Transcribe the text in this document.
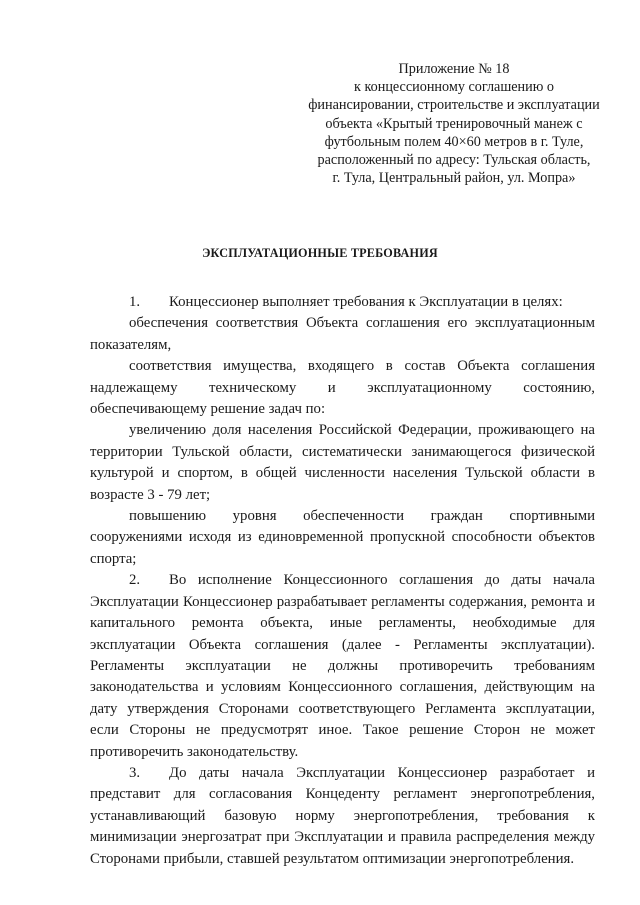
Приложение № 18
к концессионному соглашению о
финансировании, строительстве и эксплуатации
объекта «Крытый тренировочный манеж с
футбольным полем 40×60 метров в г. Туле,
расположенный по адресу: Тульская область,
г. Тула, Центральный район, ул. Мопра»
ЭКСПЛУАТАЦИОННЫЕ ТРЕБОВАНИЯ

1. Концессионер выполняет требования к Эксплуатации в целях:

обеспечения соответствия Объекта соглашения его эксплуатационным показателям,

соответствия имущества, входящего в состав Объекта соглашения надлежащему техническому и эксплуатационному состоянию, обеспечивающему решение задач по:

увеличению доля населения Российской Федерации, проживающего на территории Тульской области, систематически занимающегося физической культурой и спортом, в общей численности населения Тульской области в возрасте 3 - 79 лет;

повышению уровня обеспеченности граждан спортивными сооружениями исходя из единовременной пропускной способности объектов спорта;

2. Во исполнение Концессионного соглашения до даты начала Эксплуатации Концессионер разрабатывает регламенты содержания, ремонта и капитального ремонта объекта, иные регламенты, необходимые для эксплуатации Объекта соглашения (далее - Регламенты эксплуатации). Регламенты эксплуатации не должны противоречить требованиям законодательства и условиям Концессионного соглашения, действующим на дату утверждения Сторонами соответствующего Регламента эксплуатации, если Стороны не предусмотрят иное. Такое решение Сторон не может противоречить законодательству.

3. До даты начала Эксплуатации Концессионер разработает и представит для согласования Концеденту регламент энергопотребления, устанавливающий базовую норму энергопотребления, требования к минимизации энергозатрат при Эксплуатации и правила распределения между Сторонами прибыли, ставшей результатом оптимизации энергопотребления.
